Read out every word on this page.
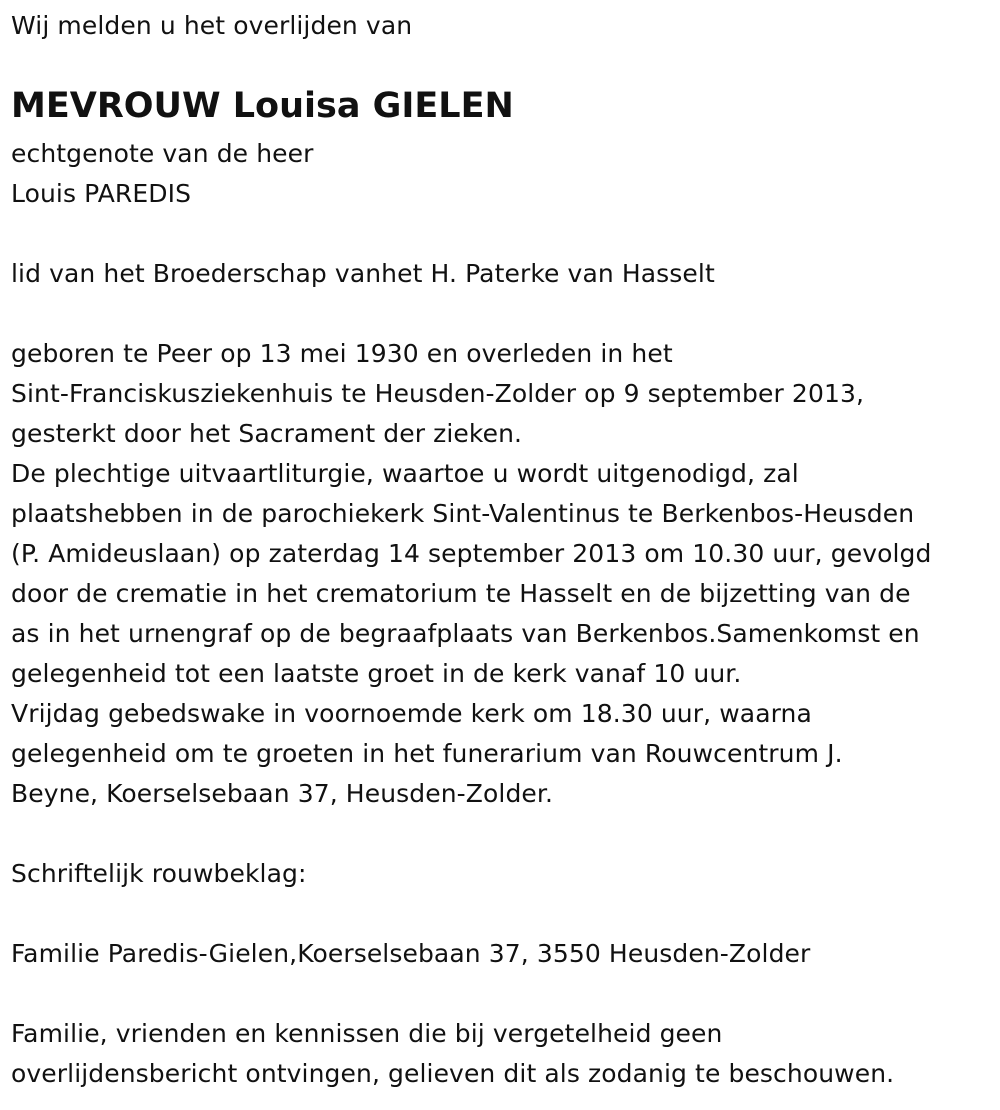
Wij melden u het overlijden van
MEVROUW Louisa GIELEN
echtgenote van de heer
Louis PAREDIS
lid van het Broederschap vanhet H. Paterke van Hasselt
geboren te Peer op 13 mei 1930 en overleden in het
Sint-Franciskusziekenhuis te Heusden-Zolder op 9 september 2013,
gesterkt door het Sacrament der zieken.
De plechtige uitvaartliturgie, waartoe u wordt uitgenodigd, zal
plaatshebben in de parochiekerk Sint-Valentinus te Berkenbos-Heusden
(P. Amideuslaan) op zaterdag 14 september 2013 om 10.30 uur, gevolgd
door de crematie in het crematorium te Hasselt en de bijzetting van de
as in het urnengraf op de begraafplaats van Berkenbos.Samenkomst en
gelegenheid tot een laatste groet in de kerk vanaf 10 uur.
Vrijdag gebedswake in voornoemde kerk om 18.30 uur, waarna
gelegenheid om te groeten in het funerarium van Rouwcentrum J.
Beyne, Koerselsebaan 37, Heusden-Zolder.
Schriftelijk rouwbeklag:
Familie Paredis-Gielen,Koerselsebaan 37, 3550 Heusden-Zolder
Familie, vrienden en kennissen die bij vergetelheid geen
overlijdensbericht ontvingen, gelieven dit als zodanig te beschouwen.
